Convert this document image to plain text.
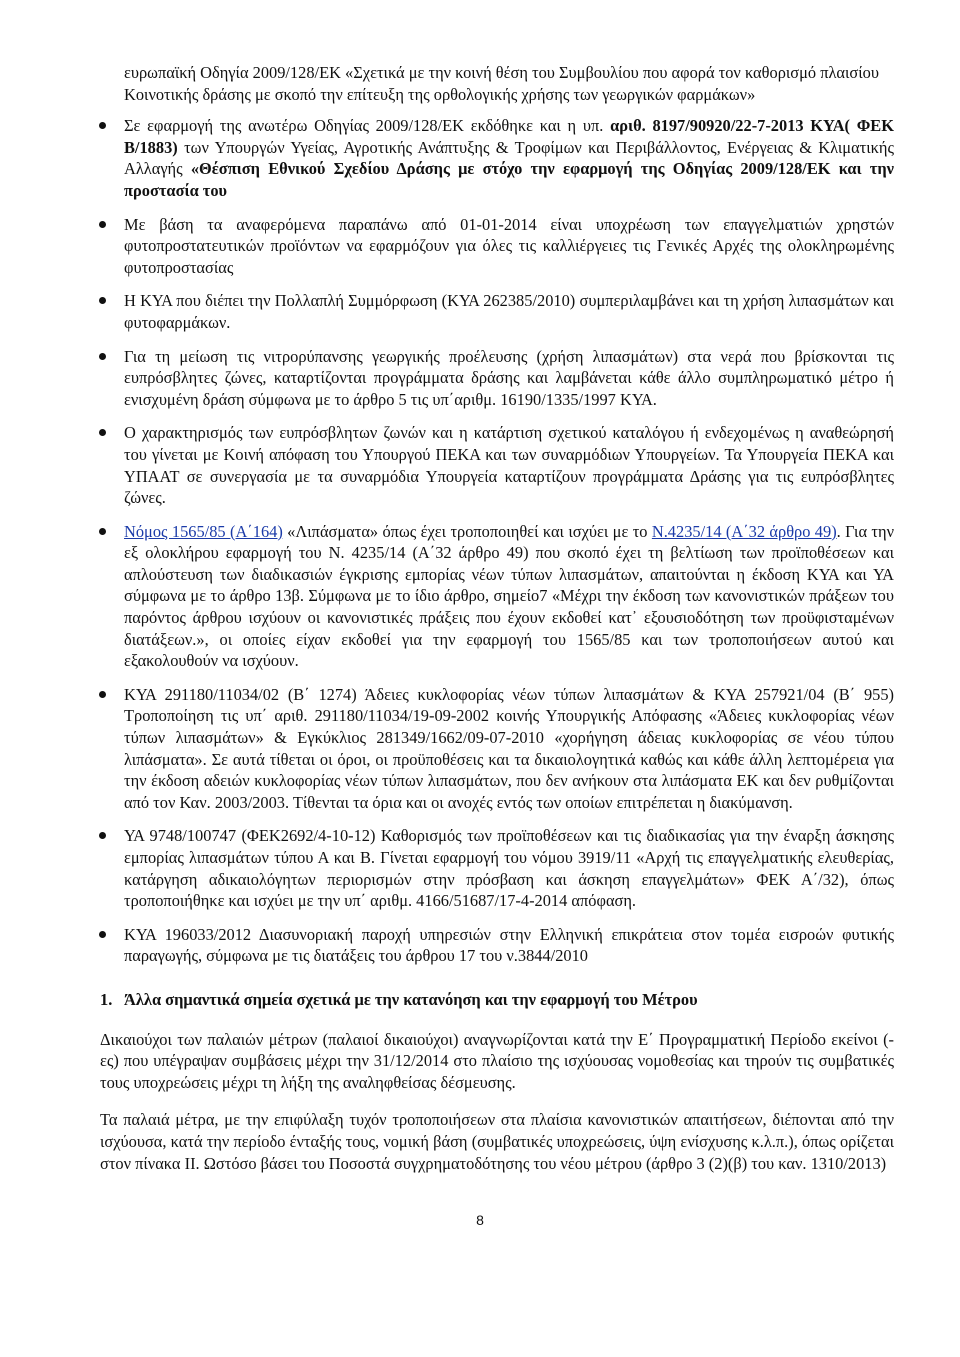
ευρωπαϊκή Οδηγία 2009/128/ΕΚ «Σχετικά με την κοινή θέση του Συμβουλίου που αφορά τον καθορισμό πλαισίου Κοινοτικής δράσης με σκοπό την επίτευξη της ορθολογικής χρήσης των γεωργικών φαρμάκων»

Σε εφαρμογή της ανωτέρω Οδηγίας 2009/128/ΕΚ εκδόθηκε και η υπ. αριθ. 8197/90920/22-7-2013 ΚΥΑ( ΦΕΚ Β/1883) των Υπουργών Υγείας, Αγροτικής Ανάπτυξης & Τροφίμων και Περιβάλλοντος, Ενέργειας & Κλιματικής Αλλαγής «Θέσπιση Εθνικού Σχεδίου Δράσης με στόχο την εφαρμογή της Οδηγίας 2009/128/ΕΚ και την προστασία του
Με βάση τα αναφερόμενα παραπάνω από 01-01-2014 είναι υποχρέωση των επαγγελματιών χρηστών φυτοπροστατευτικών προϊόντων να εφαρμόζουν για όλες τις καλλιέργειες τις Γενικές Αρχές της ολοκληρωμένης φυτοπροστασίας
Η ΚΥΑ που διέπει την Πολλαπλή Συμμόρφωση (ΚΥΑ 262385/2010) συμπεριλαμβάνει και τη χρήση λιπασμάτων και φυτοφαρμάκων.
Για τη μείωση τις νιτρορύπανσης γεωργικής προέλευσης (χρήση λιπασμάτων) στα νερά που βρίσκονται τις ευπρόσβλητες ζώνες, καταρτίζονται προγράμματα δράσης και λαμβάνεται κάθε άλλο συμπληρωματικό μέτρο ή ενισχυμένη δράση σύμφωνα με το άρθρο 5 τις υπ΄αριθμ. 16190/1335/1997 ΚΥΑ.
Ο χαρακτηρισμός των ευπρόσβλητων ζωνών και η κατάρτιση σχετικού καταλόγου ή ενδεχομένως η αναθεώρησή του γίνεται με Κοινή απόφαση του Υπουργού ΠΕΚΑ και των συναρμόδιων Υπουργείων. Τα Υπουργεία ΠΕΚΑ και ΥΠΑΑΤ σε συνεργασία με τα συναρμόδια Υπουργεία καταρτίζουν προγράμματα Δράσης για τις ευπρόσβλητες ζώνες.
Νόμος 1565/85 (Α΄164) «Λιπάσματα» όπως έχει τροποποιηθεί και ισχύει με το Ν.4235/14 (Α΄32 άρθρο 49). Για την εξ ολοκλήρου εφαρμογή του Ν. 4235/14 (Α΄32 άρθρο 49) που σκοπό έχει τη βελτίωση των προϊποθέσεων και απλούστευση των διαδικασιών έγκρισης εμπορίας νέων τύπων λιπασμάτων, απαιτούνται η έκδοση ΚΥΑ και ΥΑ σύμφωνα με το άρθρο 13β. Σύμφωνα με το ίδιο άρθρο, σημείο7 «Μέχρι την έκδοση των κανονιστικών πράξεων του παρόντος άρθρου ισχύουν οι κανονιστικές πράξεις που έχουν εκδοθεί κατ᾽ εξουσιοδότηση των προϋφισταμένων διατάξεων.», οι οποίες είχαν εκδοθεί για την εφαρμογή του 1565/85 και των τροποποιήσεων αυτού και εξακολουθούν να ισχύουν.
ΚΥΑ 291180/11034/02 (Β΄ 1274) Άδειες κυκλοφορίας νέων τύπων λιπασμάτων & ΚΥΑ 257921/04 (Β΄ 955) Τροποποίηση τις υπ΄ αριθ. 291180/11034/19-09-2002 κοινής Υπουργικής Απόφασης «Άδειες κυκλοφορίας νέων τύπων λιπασμάτων» & Εγκύκλιος 281349/1662/09-07-2010 «χορήγηση άδειας κυκλοφορίας σε νέου τύπου λιπάσματα». Σε αυτά τίθεται οι όροι, οι προϋποθέσεις και τα δικαιολογητικά καθώς και κάθε άλλη λεπτομέρεια για την έκδοση αδειών κυκλοφορίας νέων τύπων λιπασμάτων, που δεν ανήκουν στα λιπάσματα ΕΚ και δεν ρυθμίζονται από τον Καν. 2003/2003. Τίθενται τα όρια και οι ανοχές εντός των οποίων επιτρέπεται η διακύμανση.
ΥΑ 9748/100747 (ΦΕΚ2692/4-10-12) Καθορισμός των προϊποθέσεων και τις διαδικασίας για την έναρξη άσκησης εμπορίας λιπασμάτων τύπου Α και Β. Γίνεται εφαρμογή του νόμου 3919/11 «Αρχή τις επαγγελματικής ελευθερίας, κατάργηση αδικαιολόγητων περιορισμών στην πρόσβαση και άσκηση επαγγελμάτων» ΦΕΚ Α΄/32), όπως τροποποιήθηκε και ισχύει με την υπ΄ αριθμ. 4166/51687/17-4-2014 απόφαση.
ΚΥΑ 196033/2012 Διασυνοριακή παροχή υπηρεσιών στην Ελληνική επικράτεια στον τομέα εισροών φυτικής παραγωγής, σύμφωνα με τις διατάξεις του άρθρου 17 του ν.3844/2010
1. Άλλα σημαντικά σημεία σχετικά με την κατανόηση και την εφαρμογή του Μέτρου

Δικαιούχοι των παλαιών μέτρων (παλαιοί δικαιούχοι) αναγνωρίζονται κατά την Ε΄ Προγραμματική Περίοδο εκείνοι (-ες) που υπέγραψαν συμβάσεις μέχρι την 31/12/2014 στο πλαίσιο της ισχύουσας νομοθεσίας και τηρούν τις συμβατικές τους υποχρεώσεις μέχρι τη λήξη της αναληφθείσας δέσμευσης.

Τα παλαιά μέτρα, με την επιφύλαξη τυχόν τροποποιήσεων στα πλαίσια κανονιστικών απαιτήσεων, διέπονται από την ισχύουσα, κατά την περίοδο ένταξής τους, νομική βάση (συμβατικές υποχρεώσεις, ύψη ενίσχυσης κ.λ.π.), όπως ορίζεται στον πίνακα ΙΙ. Ωστόσο βάσει του Ποσοστά συγχρηματοδότησης του νέου μέτρου (άρθρο 3 (2)(β) του καν. 1310/2013)

8
